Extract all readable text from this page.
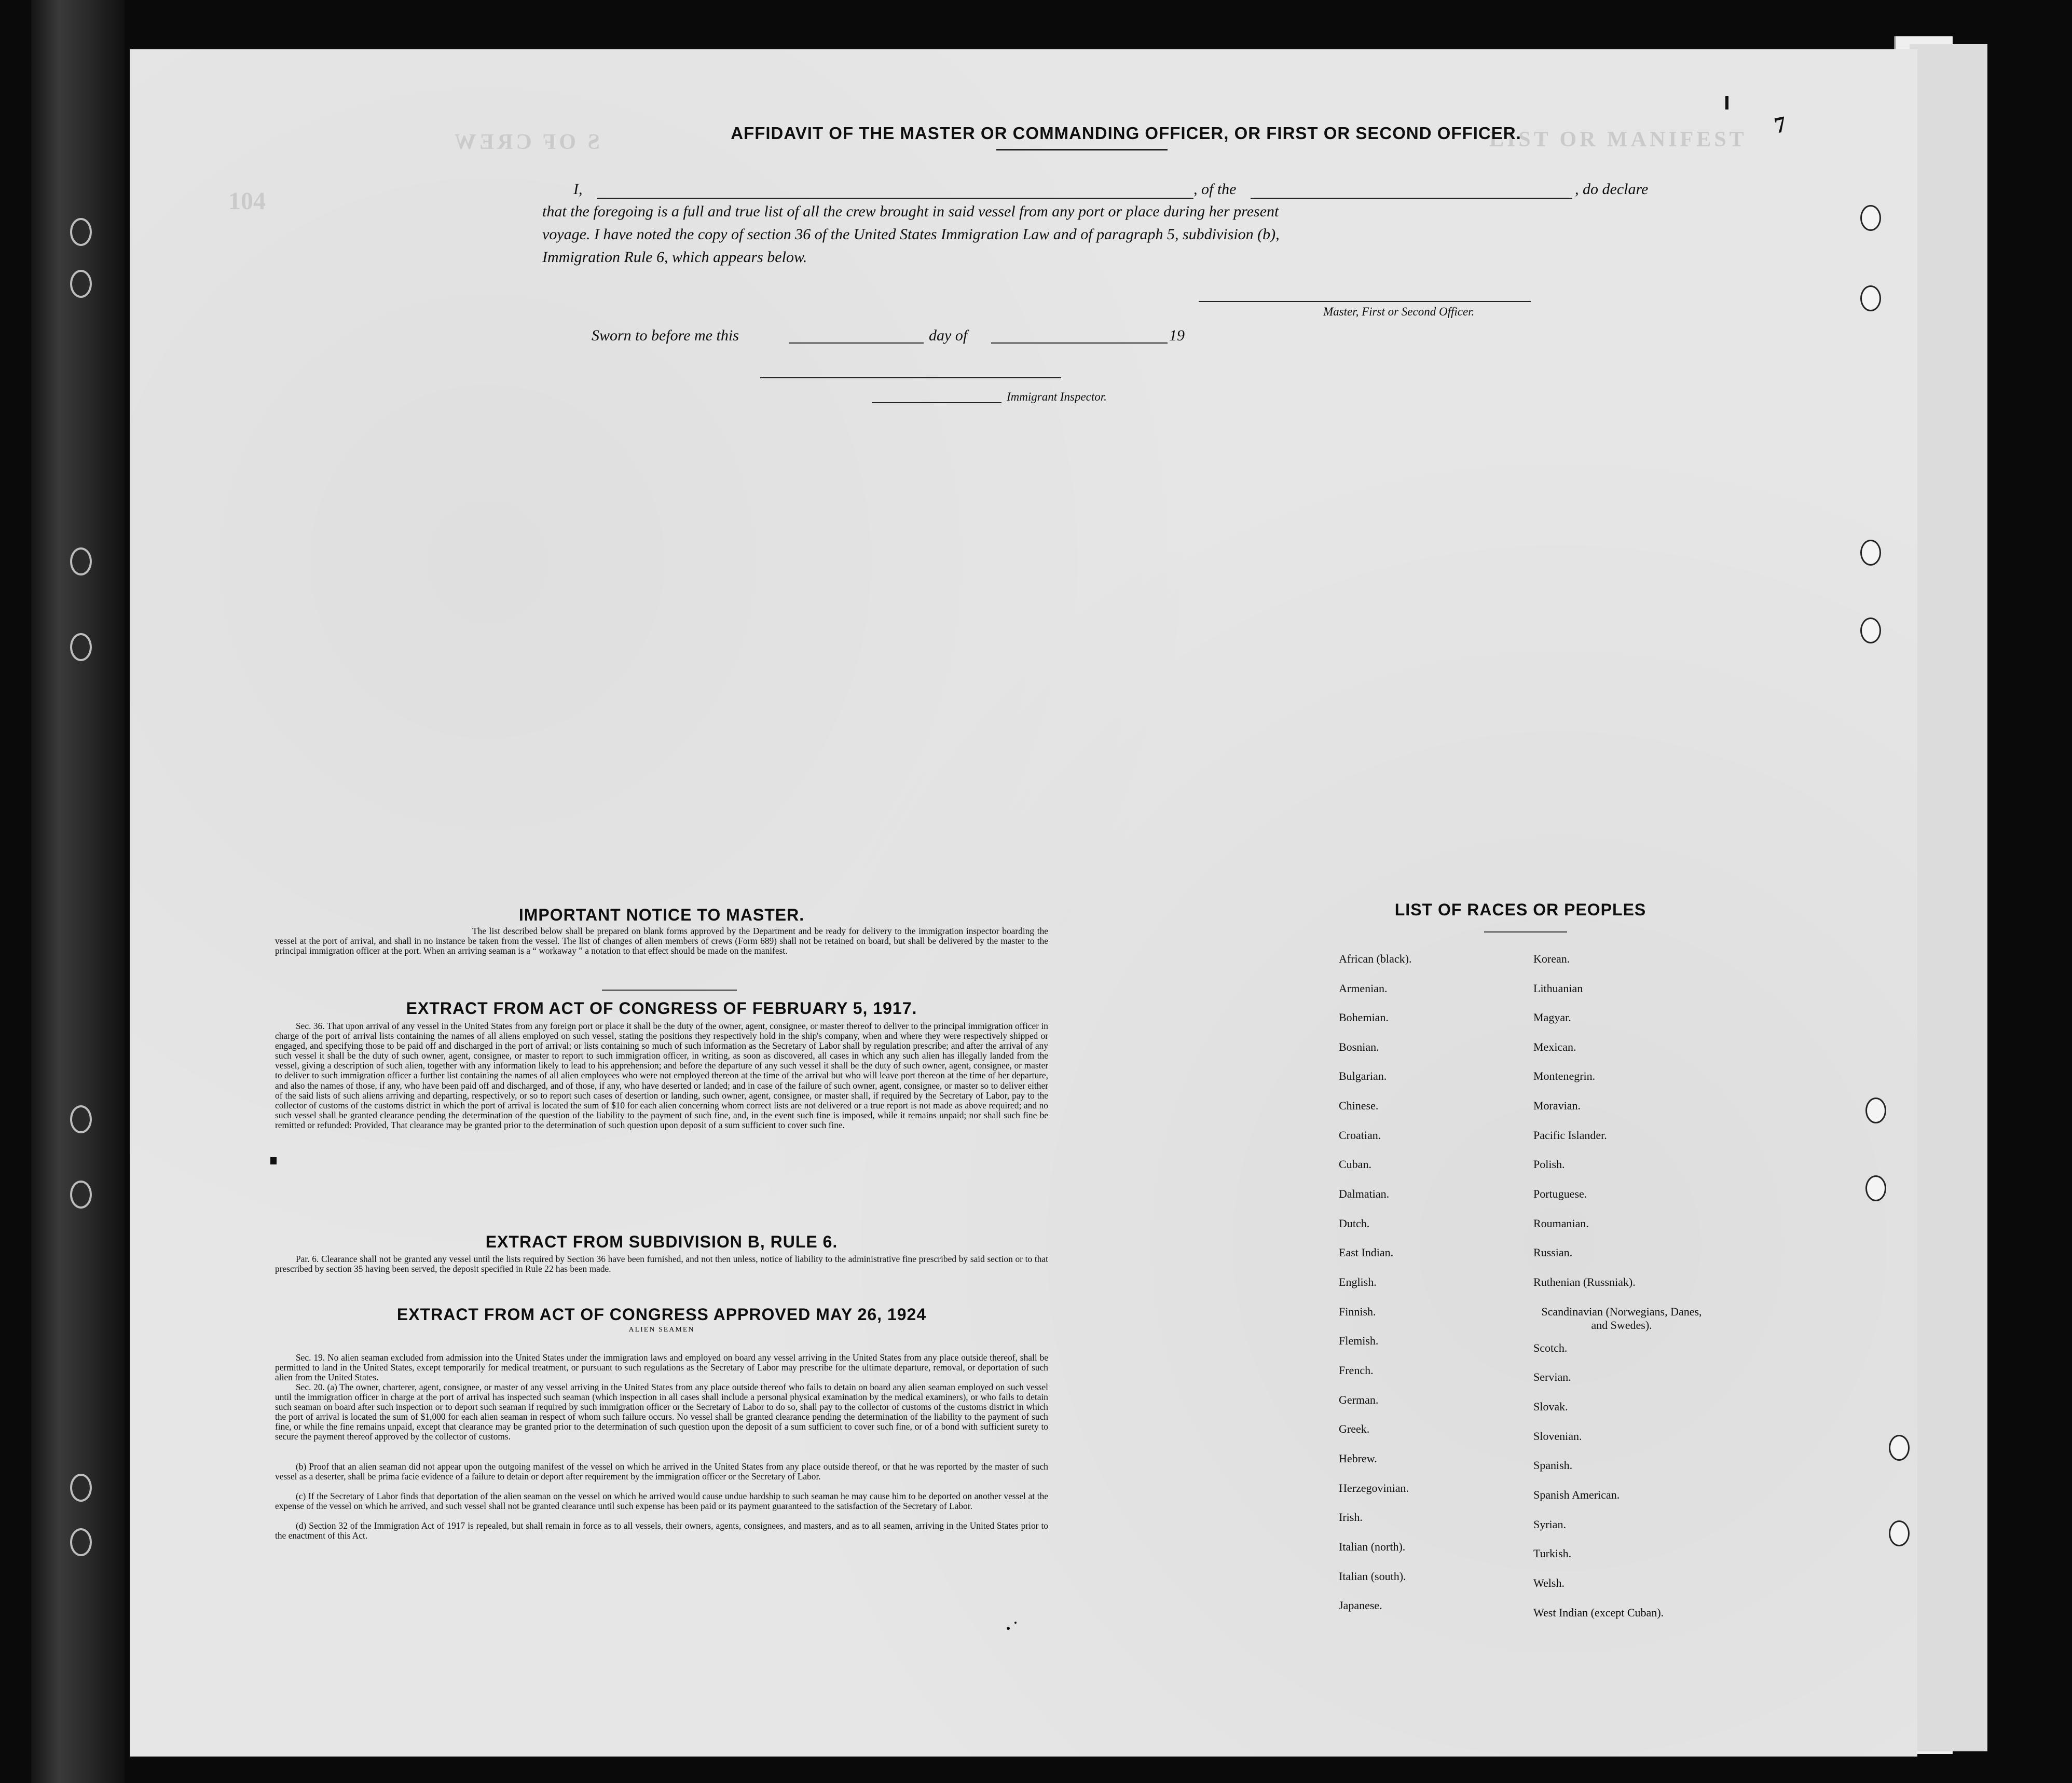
104
LIST OR MANIFEST
S OF CREW
7
AFFIDAVIT OF THE MASTER OR COMMANDING OFFICER, OR FIRST OR SECOND OFFICER.
I,	, of the	, do declare
that the foregoing is a full and true list of all the crew brought in said vessel from any port or place during her present
voyage. I have noted the copy of section 36 of the United States Immigration Law and of paragraph 5, subdivision (b),
Immigration Rule 6, which appears below.
Master, First or Second Officer.
Sworn to before me this	day of	19
Immigrant Inspector.
IMPORTANT NOTICE TO MASTER.

The list described below shall be prepared on blank forms approved by the Department and be ready for delivery to the immigration inspector boarding the vessel at the port of arrival, and shall in no instance be taken from the vessel. The list of changes of alien members of crews (Form 689) shall not be retained on board, but shall be delivered by the master to the principal immigration officer at the port. When an arriving seaman is a “ workaway ” a notation to that effect should be made on the manifest.

EXTRACT FROM ACT OF CONGRESS OF FEBRUARY 5, 1917.

Sec. 36. That upon arrival of any vessel in the United States from any foreign port or place it shall be the duty of the owner, agent, consignee, or master thereof to deliver to the principal immigration officer in charge of the port of arrival lists containing the names of all aliens employed on such vessel, stating the positions they respectively hold in the ship's company, when and where they were respectively shipped or engaged, and specifying those to be paid off and discharged in the port of arrival; or lists containing so much of such information as the Secretary of Labor shall by regulation prescribe; and after the arrival of any such vessel it shall be the duty of such owner, agent, consignee, or master to report to such immigration officer, in writing, as soon as discovered, all cases in which any such alien has illegally landed from the vessel, giving a description of such alien, together with any information likely to lead to his apprehension; and before the departure of any such vessel it shall be the duty of such owner, agent, consignee, or master to deliver to such immigration officer a further list containing the names of all alien employees who were not employed thereon at the time of the arrival but who will leave port thereon at the time of her departure, and also the names of those, if any, who have been paid off and discharged, and of those, if any, who have deserted or landed; and in case of the failure of such owner, agent, consignee, or master so to deliver either of the said lists of such aliens arriving and departing, respectively, or so to report such cases of desertion or landing, such owner, agent, consignee, or master shall, if required by the Secretary of Labor, pay to the collector of customs of the customs district in which the port of arrival is located the sum of $10 for each alien concerning whom correct lists are not delivered or a true report is not made as above required; and no such vessel shall be granted clearance pending the determination of the question of the liability to the payment of such fine, and, in the event such fine is imposed, while it remains unpaid; nor shall such fine be remitted or refunded: Provided, That clearance may be granted prior to the determination of such question upon deposit of a sum sufficient to cover such fine.

EXTRACT FROM SUBDIVISION B, RULE 6.

Par. 6. Clearance shall not be granted any vessel until the lists required by Section 36 have been furnished, and not then unless, notice of liability to the administrative fine prescribed by said section or to that prescribed by section 35 having been served, the deposit specified in Rule 22 has been made.

EXTRACT FROM ACT OF CONGRESS APPROVED MAY 26, 1924
ALIEN SEAMEN

Sec. 19. No alien seaman excluded from admission into the United States under the immigration laws and employed on board any vessel arriving in the United States from any place outside thereof, shall be permitted to land in the United States, except temporarily for medical treatment, or pursuant to such regulations as the Secretary of Labor may prescribe for the ultimate departure, removal, or deportation of such alien from the United States.

Sec. 20. (a) The owner, charterer, agent, consignee, or master of any vessel arriving in the United States from any place outside thereof who fails to detain on board any alien seaman employed on such vessel until the immigration officer in charge at the port of arrival has inspected such seaman (which inspection in all cases shall include a personal physical examination by the medical examiners), or who fails to detain such seaman on board after such inspection or to deport such seaman if required by such immigration officer or the Secretary of Labor to do so, shall pay to the collector of customs of the customs district in which the port of arrival is located the sum of $1,000 for each alien seaman in respect of whom such failure occurs. No vessel shall be granted clearance pending the determination of the liability to the payment of such fine, or while the fine remains unpaid, except that clearance may be granted prior to the determination of such question upon the deposit of a sum sufficient to cover such fine, or of a bond with sufficient surety to secure the payment thereof approved by the collector of customs.

(b) Proof that an alien seaman did not appear upon the outgoing manifest of the vessel on which he arrived in the United States from any place outside thereof, or that he was reported by the master of such vessel as a deserter, shall be prima facie evidence of a failure to detain or deport after requirement by the immigration officer or the Secretary of Labor.

(c) If the Secretary of Labor finds that deportation of the alien seaman on the vessel on which he arrived would cause undue hardship to such seaman he may cause him to be deported on another vessel at the expense of the vessel on which he arrived, and such vessel shall not be granted clearance until such expense has been paid or its payment guaranteed to the satisfaction of the Secretary of Labor.

(d) Section 32 of the Immigration Act of 1917 is repealed, but shall remain in force as to all vessels, their owners, agents, consignees, and masters, and as to all seamen, arriving in the United States prior to the enactment of this Act.

LIST OF RACES OR PEOPLES
African (black).
Armenian.
Bohemian.
Bosnian.
Bulgarian.
Chinese.
Croatian.
Cuban.
Dalmatian.
Dutch.
East Indian.
English.
Finnish.
Flemish.
French.
German.
Greek.
Hebrew.
Herzegovinian.
Irish.
Italian (north).
Italian (south).
Japanese.
Korean.
Lithuanian
Magyar.
Mexican.
Montenegrin.
Moravian.
Pacific Islander.
Polish.
Portuguese.
Roumanian.
Russian.
Ruthenian (Russniak).
Scandinavian (Norwegians, Danes, and Swedes).
Scotch.
Servian.
Slovak.
Slovenian.
Spanish.
Spanish American.
Syrian.
Turkish.
Welsh.
West Indian (except Cuban).
